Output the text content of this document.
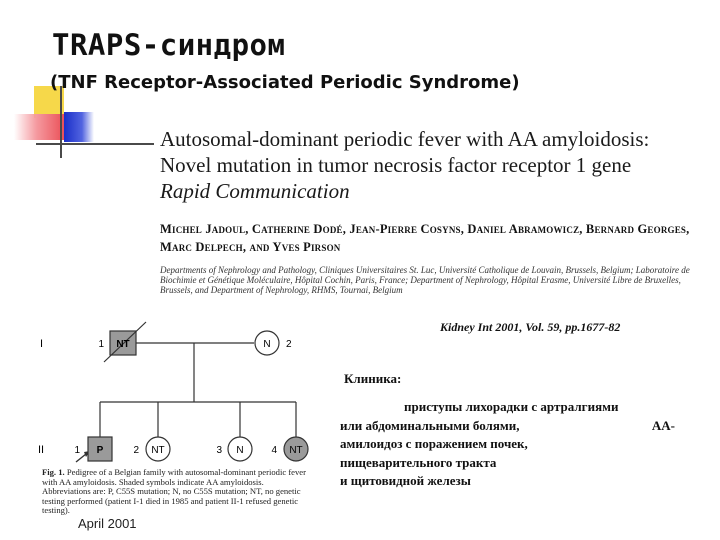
TRAPS-синдром
(TNF Receptor-Associated Periodic Syndrome)
Autosomal-dominant periodic fever with AA amyloidosis:
Novel mutation in tumor necrosis factor receptor 1 gene
Rapid Communication
Michel Jadoul, Catherine Dodé, Jean-Pierre Cosyns, Daniel Abramowicz, Bernard Georges, Marc Delpech, and Yves Pirson
Departments of Nephrology and Pathology, Cliniques Universitaires St. Luc, Université Catholique de Louvain, Brussels, Belgium; Laboratoire de Biochimie et Génétique Moléculaire, Hôpital Cochin, Paris, France; Department of Nephrology, Hôpital Erasme, Université Libre de Bruxelles, Brussels, and Department of Nephrology, RHMS, Tournai, Belgium
Kidney Int 2001, Vol. 59, pp.1677-82
NT
1	N 2
P
1	NT
2	N
3	NT
4
I
II
Fig. 1. Pedigree of a Belgian family with autosomal-dominant periodic fever with AA amyloidosis. Shaded symbols indicate AA amyloidosis. Abbreviations are: P, C55S mutation; N, no C55S mutation; NT, no genetic testing performed (patient I-1 died in 1985 and patient II-1 refused genetic testing).
Клиника:
приступы лихорадки с артралгиями
или абдоминальными болями,	АА-
амилоидоз с поражением почек,
пищеварительного тракта
и щитовидной железы
April 2001
